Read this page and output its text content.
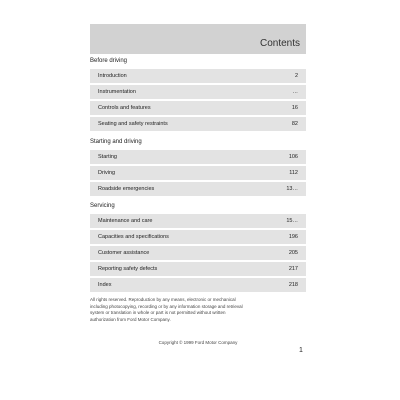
Contents
Before driving
Introduction	2
Instrumentation	…
Controls and features	16
Seating and safety restraints	82
Starting and driving
Starting	106
Driving	112
Roadside emergencies	13…
Servicing
Maintenance and care	15…
Capacities and specifications	196
Customer assistance	205
Reporting safety defects	217
Index	218
All rights reserved. Reproduction by any means, electronic or mechanical
including photocopying, recording or by any information storage and retrieval
system or translation in whole or part is not permitted without written
authorization from Ford Motor Company.
Copyright © 1999 Ford Motor Company
1
